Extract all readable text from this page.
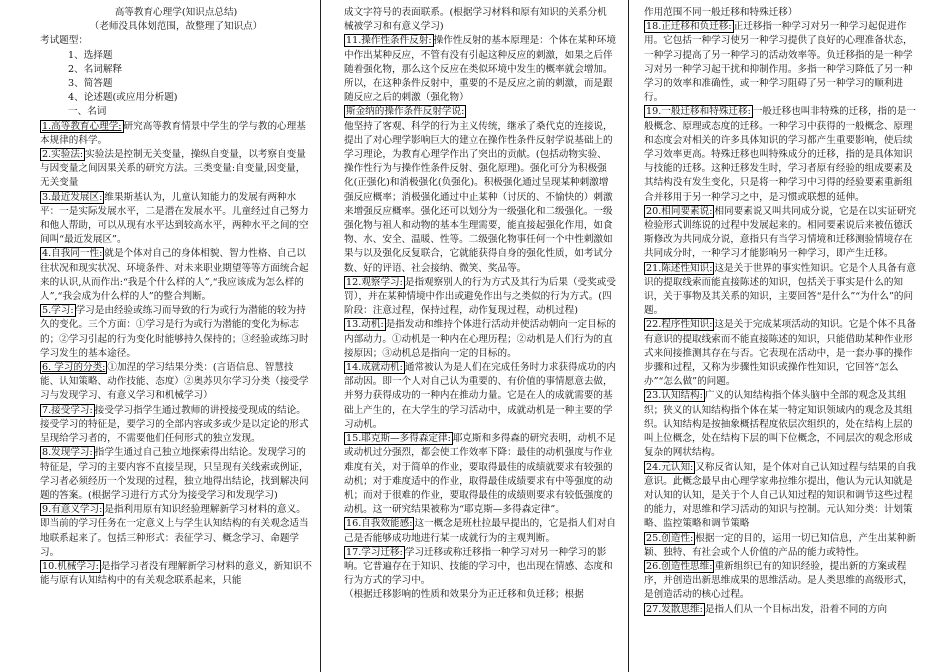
高等教育心理学(知识点总结)

（老师没具体划范围，故整理了知识点）

考试题型：

1、选择题

2、名词解释

3、简答题

4、论述题(或应用分析题)

一、名词

1.高等教育心理学: 研究高等教育情景中学生的学与教的心理基本规律的科学。

2.实验法: 实验法是控制无关变量，操纵自变量，以考察自变量与因变量之间因果关系的研究方法。三类变量:自变量,因变量，无关变量

3.最近发展区: 维果斯基认为，儿童认知能力的发展有两种水平：一是实际发展水平，二是潜在发展水平。儿童经过自己努力和他人帮助，可以从现有水平达到较高水平，两种水平之间的空间叫“最近发展区”。

4.自我同一性: 就是个体对自己的身体相貌、智力性格、自己以往状况和现实状况、环境条件、对未来职业期望等等方面统合起来的认识,从而作出:“我是个什么样的人”,“我应该成为怎么样的人”,“我会成为什么样的人”的整合判断。

5.学习: 学习是由经验或练习而导致的行为或行为潜能的较为持久的变化。三个方面：①学习是行为或行为潜能的变化为标志的；②学习引起的行为变化时能够持久保持的；③经验或练习时学习发生的基本途径。

6. 学习的分类: ①加涅的学习结果分类：(言语信息、智慧技能、认知策略、动作技能、态度）②奥苏贝尔学习分类（接受学习与发现学习、有意义学习和机械学习）

7.接受学习: 接受学习指学生通过教师的讲授接受现成的结论。接受学习的特征是，要学习的全部内容或多或少是以定论的形式呈现给学习者的，不需要他们任何形式的独立发现。

8.发现学习: 指学生通过自己独立地探索得出结论。发现学习的特征是，学习的主要内容不直接呈现，只呈现有关线索或例证，学习者必须经历一个发现的过程，独立地得出结论，找到解决问题的答案。(根据学习进行方式分为接受学习和发现学习)

9.有意义学习: 是指利用原有知识经验理解新学习材料的意义。即当前的学习任务在一定意义上与学生认知结构的有关观念适当地联系起来了。包括三种形式：表征学习、概念学习、命题学习。

10.机械学习: 是指学习者没有理解新学习材料的意义，新知识不能与原有认知结构中的有关观念联系起来，只能

成文字符号的表面联系。(根据学习材料和原有知识的关系分机械被学习和有意义学习)

11.操作性条件反射: 操作性反射的基本原理是：个体在某种环境中作出某种反应，不管有没有引起这种反应的刺激，如果之后伴随着强化物，那么这个反应在类似环境中发生的概率就会增加。所以，在这种条件反射中，重要的不是反应之前的刺激，而是跟随反应之后的刺激（强化物）

斯金纳的操作条件反射学说:
他坚持了客观、科学的行为主义传统，继承了桑代克的连接说，提出了对心理学影响巨大的建立在操作性条件反射学说基础上的学习理论，为教育心理学作出了突出的贡献。(包括动物实验、操作性行为与操作性条件反射、强化原理)。强化可分为积极强化(正强化)和消极强化(负强化)。积极强化通过呈现某种刺激增强反应概率；消极强化通过中止某种（讨厌的、不愉快的）刺激来增强反应概率。强化还可以划分为一级强化和二级强化。一级强化物与祖人和动物的基本生理需要，能直接起强化作用，如食物、水、安全、温暖、性等。二级强化物事任何一个中性刺激如果与以及强化反复联合，它就能获得自身的强化性质，如考试分数、好的评语、社会接纳、微笑、奖品等。

12.观察学习: 是指观察别人的行为方式及其行为后果（受奖或受罚），并在某种情境中作出或避免作出与之类似的行为方式。(四阶段：注意过程，保持过程，动作复现过程，动机过程)

13.动机: 是指发动和维持个体进行活动并使活动朝向一定目标的内部动力。①动机是一种内在心理历程；②动机是人们行为的直接原因；③动机总是指向一定的目标的。

14.成就动机: 通常被认为是人们在完成任务时力求获得成功的内部动因。即一个人对自己认为重要的、有价值的事情愿意去做，并努力获得成功的一种内在推动力量。它是在人的成就需要的基础上产生的，在大学生的学习活动中，成就动机是一种主要的学习动机。

15.耶克斯—多得森定律: 耶克斯和多得森的研究表明，动机不足或动机过分强烈，都会使工作效率下降：最佳的动机强度与作业难度有关，对于简单的作业，要取得最佳的成绩就要求有较强的动机；对于难度适中的作业，取得最佳成绩要求有中等强度的动机；而对于很难的作业，要取得最佳的成绩则要求有较低强度的动机。这一研究结果被称为“耶克斯—多得森定律”。

16.自我效能感: 这一概念是班杜拉最早提出的，它是指人们对自己是否能够成功地进行某一成就行为的主观判断。

17.学习迁移: 学习迁移或称迁移指一种学习对另一种学习的影响。它普遍存在于知识、技能的学习中，也出现在情感、态度和行为方式的学习中。

（根据迁移影响的性质和效果分为正迁移和负迁移；根据

作用范围不同一般迁移和特殊迁移）

18.正迁移和负迁移: 正迁移指一种学习对另一种学习起促进作用。它包括一种学习使另一种学习提供了良好的心理准备状态，一种学习提高了另一种学习的活动效率等。负迁移指的是一种学习对另一种学习起干扰和抑制作用。多指一种学习降低了另一种学习的效率和准确性，或一种学习阻碍了另一种学习的顺利进行。

19.一般迁移和特殊迁移: 一般迁移也叫非特殊的迁移，指的是一般概念、原理或态度的迁移。一种学习中获得的一般概念、原理和态度会对相关的许多具体知识的学习都产生重要影响，使后续学习效率更高。特殊迁移也叫特殊成分的迁移，指的是具体知识与技能的迁移。这种迁移发生时，学习者原有经验的组成要素及其结构没有发生变化，只是将一种学习中习得的经验要素重新组合并移用于另一种学习之中，是习惯或联想的延伸。

20.相同要素说: 相同要素说又叫共同成分说，它是在以实证研究检验形式训练说的过程中发展起来的。相同要素说后来被伍德沃斯修改为共同成分说，意指只有当学习情境和迁移测验情境存在共同成分时，一种学习才能影响另一种学习，即产生迁移。

21.陈述性知识: 这是关于世界的事实性知识。它是个人具备有意识的提取线索而能直接陈述的知识，包括关于事实是什么的知识，关于事物及其关系的知识，主要回答“是什么”“为什么”的问题。

22.程序性知识: 这是关于完成某项活动的知识。它是个体不具备有意识的提取线索而不能直接陈述的知识，只能借助某种作业形式来间接推测其存在与否。它表现在活动中，是一套办事的操作步骤和过程，又称为步骤性知识或操作性知识，它回答“怎么办”“怎么做”的问题。

23.认知结构: 广义的认知结构指个体头脑中全部的观念及其组织；狭义的认知结构指个体在某一特定知识领域内的观念及其组织。认知结构是按抽象概括程度依层次组织的，处在结构上层的叫上位概念，处在结构下层的叫下位概念，不同层次的观念形成复杂的网状结构。

24.元认知: 又称反省认知，是个体对自己认知过程与结果的自我意识。此概念最早由心理学家弗拉维尔提出，他认为元认知就是对认知的认知，是关于个人自己认知过程的知识和调节这些过程的能力，对思维和学习活动的知识与控制。元认知分类：计划策略、监控策略和调节策略

25.创造性: 根据一定的目的，运用一切已知信息，产生出某种新颖、独特、有社会或个人价值的产品的能力或特性。

26.创造性思维: 重新组织已有的知识经验，提出新的方案或程序，并创造出新思维成果的思维活动。是人类思维的高级形式，是创造活动的核心过程。

27.发散思维: 是指人们从一个目标出发，沿着不同的方向
